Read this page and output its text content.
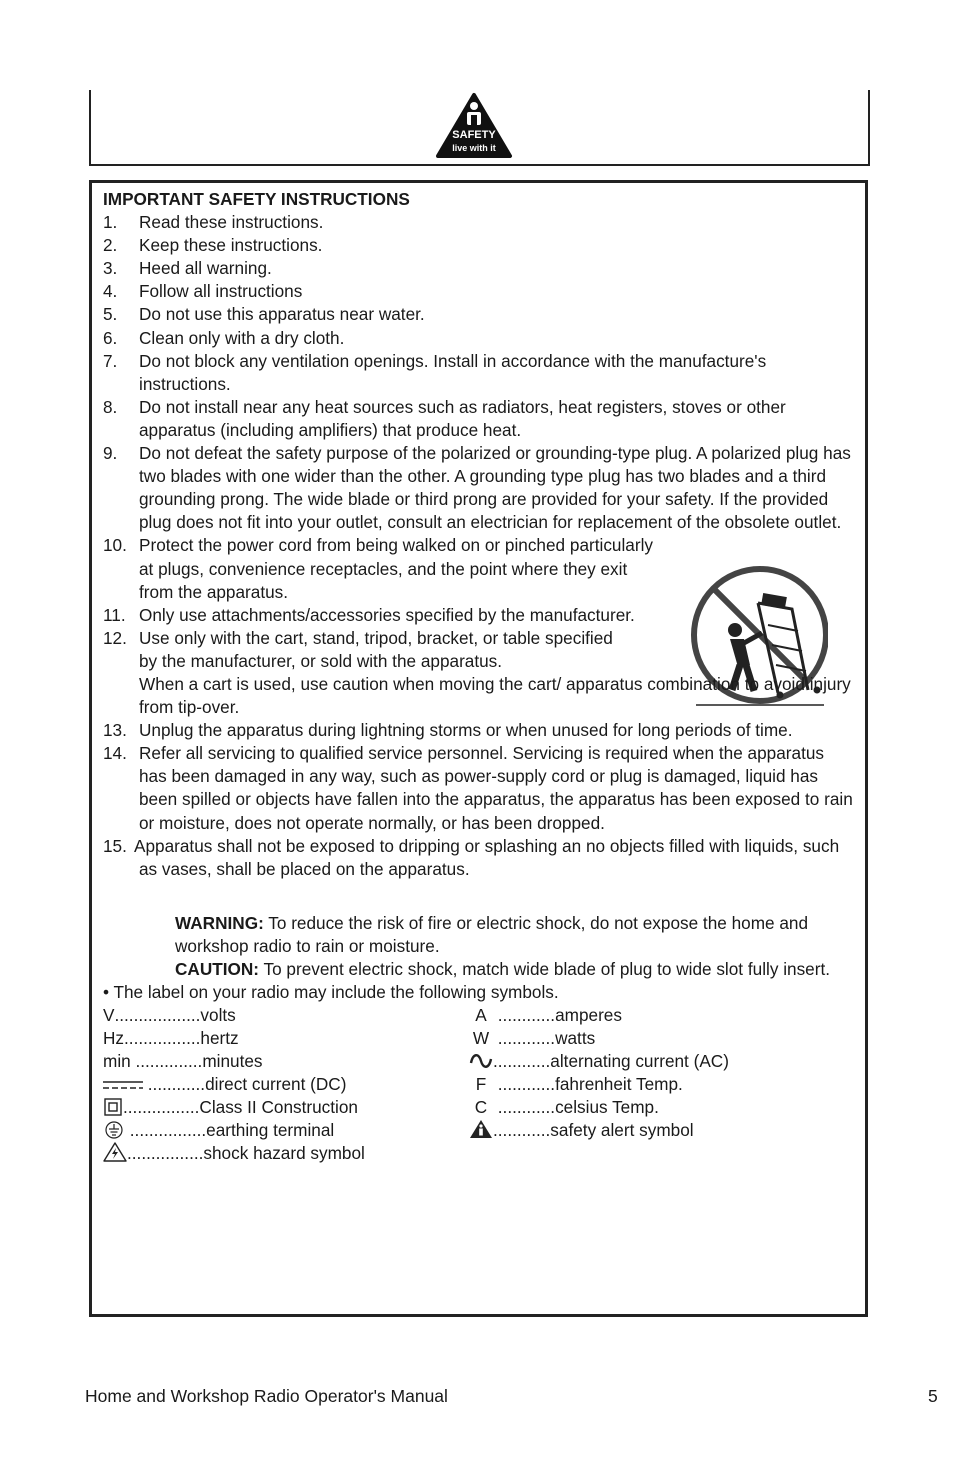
SAFETY
live with it
IMPORTANT SAFETY INSTRUCTIONS
1. Read these instructions.
2. Keep these instructions.
3. Heed all warning.
4. Follow all instructions
5. Do not use this apparatus near water.
6. Clean only with a dry cloth.
7. Do not block any ventilation openings. Install in accordance with the manufacture's instructions.
8. Do not install near any heat sources such as radiators, heat registers, stoves or other apparatus (including amplifiers) that produce heat.
9. Do not defeat the safety purpose of the polarized or grounding-type plug. A polarized plug has two blades with one wider than the other. A grounding type plug has two blades and a third grounding prong. The wide blade or third prong are provided for your safety. If the provided plug does not fit into your outlet, consult an electrician for replacement of the obsolete outlet.
10. Protect the power cord from being walked on or pinched particularly at plugs, convenience receptacles, and the point where they exit from the apparatus.
11. Only use attachments/accessories specified by the manufacturer.
12. Use only with the cart, stand, tripod, bracket, or table specified by the manufacturer, or sold with the apparatus.
When a cart is used, use caution when moving the cart/ apparatus combination to avoid injury from tip-over.
13. Unplug the apparatus during lightning storms or when unused for long periods of time.
14. Refer all servicing to qualified service personnel. Servicing is required when the apparatus has been damaged in any way, such as power-supply cord or plug is damaged, liquid has been spilled or objects have fallen into the apparatus, the apparatus has been exposed to rain or moisture, does not operate normally, or has been dropped.
15. Apparatus shall not be exposed to dripping or splashing an no objects filled with liquids, such as vases, shall be placed on the apparatus.
WARNING: To reduce the risk of fire or electric shock, do not expose the home and workshop radio to rain or moisture.
CAUTION: To prevent electric shock, match wide blade of plug to wide slot fully insert.
• The label on your radio may include the following symbols.
V..................volts
Hz................hertz
min ..............minutes
............direct current (DC)
................Class II Construction
................earthing terminal
................shock hazard symbol
A ............amperes
W ............watts
............alternating current (AC)
F ............fahrenheit Temp.
C ............celsius Temp.
............safety alert symbol
Home and Workshop Radio Operator's Manual	5
